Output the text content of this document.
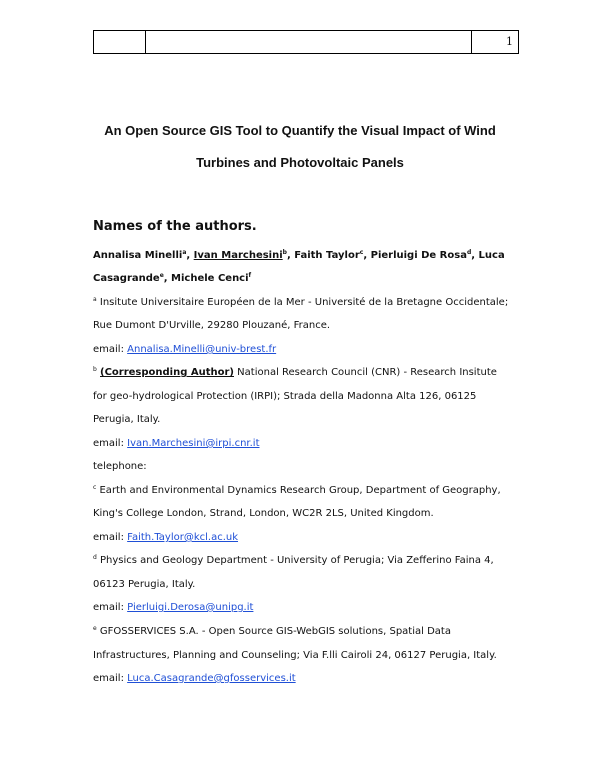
1
An Open Source GIS Tool to Quantify the Visual Impact of Wind
Turbines and Photovoltaic Panels
Names of the authors.
Annalisa Minelli$^a$, Ivan Marchesini$^b$, Faith Taylor$^c$, Pierluigi De Rosa$^d$, Luca
Casagrande$^e$, Michele Cenci$^f$
$^a$ Insitute Universitaire Européen de la Mer - Université de la Bretagne Occidentale;
Rue Dumont D'Urville, 29280 Plouzané, France.
email: Annalisa.Minelli@univ-brest.fr
$^b$ (Corresponding Author) National Research Council (CNR) - Research Insitute
for geo-hydrological Protection (IRPI); Strada della Madonna Alta 126, 06125
Perugia, Italy.
email: Ivan.Marchesini@irpi.cnr.it
telephone:
$^c$ Earth and Environmental Dynamics Research Group, Department of Geography,
King's College London, Strand, London, WC2R 2LS, United Kingdom.
email: Faith.Taylor@kcl.ac.uk
$^d$ Physics and Geology Department - University of Perugia; Via Zefferino Faina 4,
06123 Perugia, Italy.
email: Pierluigi.Derosa@unipg.it
$^e$ GFOSSERVICES S.A. - Open Source GIS-WebGIS solutions, Spatial Data
Infrastructures, Planning and Counseling; Via F.lli Cairoli 24, 06127 Perugia, Italy.
email: Luca.Casagrande@gfosservices.it
